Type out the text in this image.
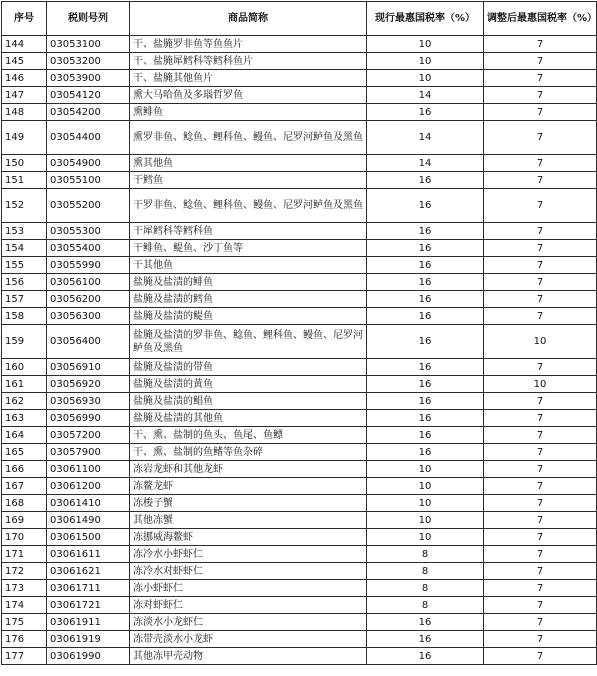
序号	税则号列	商品简称	现行最惠国税率（%）	调整后最惠国税率（%）
144	03053100	干、盐腌罗非鱼等鱼鱼片	10	7
145	03053200	干、盐腌犀鳕科等鳕科鱼片	10	7
146	03053900	干、盐腌其他鱼片	10	7
147	03054120	熏大马哈鱼及多瑙哲罗鱼	14	7
148	03054200	熏鲱鱼	16	7
149	03054400	熏罗非鱼、鲶鱼、鲤科鱼、鳗鱼、尼罗河鲈鱼及黑鱼	14	7
150	03054900	熏其他鱼	14	7
151	03055100	干鳕鱼	16	7
152	03055200	干罗非鱼、鲶鱼、鲤科鱼、鳗鱼、尼罗河鲈鱼及黑鱼	16	7
153	03055300	干犀鳕科等鳕科鱼	16	7
154	03055400	干鲱鱼、鳀鱼、沙丁鱼等	16	7
155	03055990	干其他鱼	16	7
156	03056100	盐腌及盐渍的鲱鱼	16	7
157	03056200	盐腌及盐渍的鳕鱼	16	7
158	03056300	盐腌及盐渍的鳀鱼	16	7
159	03056400	盐腌及盐渍的罗非鱼、鲶鱼、鲤科鱼、鳗鱼、尼罗河鲈鱼及黑鱼	16	10
160	03056910	盐腌及盐渍的带鱼	16	7
161	03056920	盐腌及盐渍的黄鱼	16	10
162	03056930	盐腌及盐渍的鲳鱼	16	7
163	03056990	盐腌及盐渍的其他鱼	16	7
164	03057200	干、熏、盐制的鱼头、鱼尾、鱼鳔	16	7
165	03057900	干、熏、盐制的鱼鳍等鱼杂碎	16	7
166	03061100	冻岩龙虾和其他龙虾	10	7
167	03061200	冻鳌龙虾	10	7
168	03061410	冻梭子蟹	10	7
169	03061490	其他冻蟹	10	7
170	03061500	冻挪威海鳌虾	10	7
171	03061611	冻冷水小虾虾仁	8	7
172	03061621	冻冷水对虾虾仁	8	7
173	03061711	冻小虾虾仁	8	7
174	03061721	冻对虾虾仁	8	7
175	03061911	冻淡水小龙虾仁	16	7
176	03061919	冻带壳淡水小龙虾	16	7
177	03061990	其他冻甲壳动物	16	7
